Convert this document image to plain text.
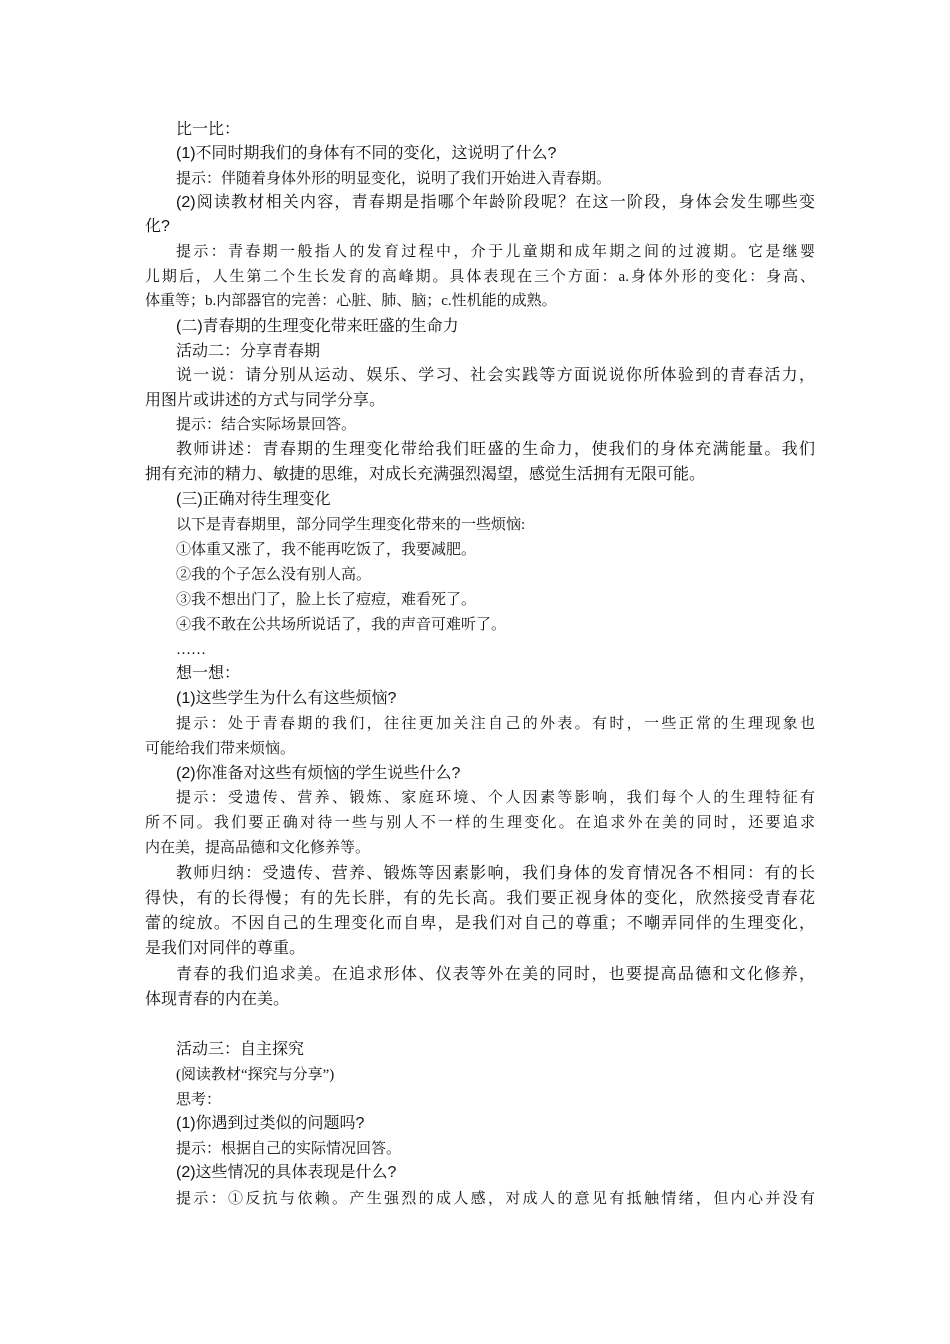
比一比：
(1)不同时期我们的身体有不同的变化，这说明了什么?
提示：伴随着身体外形的明显变化，说明了我们开始进入青春期。
(2)阅读教材相关内容，青春期是指哪个年龄阶段呢？在这一阶段，身体会发生哪些变
化?
提示：青春期一般指人的发育过程中，介于儿童期和成年期之间的过渡期。它是继婴
儿期后，人生第二个生长发育的高峰期。具体表现在三个方面：a.身体外形的变化：身高、
体重等；b.内部器官的完善：心脏、肺、脑；c.性机能的成熟。
(二)青春期的生理变化带来旺盛的生命力
活动二：分享青春期
说一说：请分别从运动、娱乐、学习、社会实践等方面说说你所体验到的青春活力，
用图片或讲述的方式与同学分享。
提示：结合实际场景回答。
教师讲述：青春期的生理变化带给我们旺盛的生命力，使我们的身体充满能量。我们
拥有充沛的精力、敏捷的思维，对成长充满强烈渴望，感觉生活拥有无限可能。
(三)正确对待生理变化
以下是青春期里，部分同学生理变化带来的一些烦恼:
①体重又涨了，我不能再吃饭了，我要减肥。
②我的个子怎么没有别人高。
③我不想出门了，脸上长了痘痘，难看死了。
④我不敢在公共场所说话了，我的声音可难听了。
……
想一想：
(1)这些学生为什么有这些烦恼?
提示：处于青春期的我们，往往更加关注自己的外表。有时，一些正常的生理现象也
可能给我们带来烦恼。
(2)你准备对这些有烦恼的学生说些什么?
提示：受遗传、营养、锻炼、家庭环境、个人因素等影响，我们每个人的生理特征有
所不同。我们要正确对待一些与别人不一样的生理变化。在追求外在美的同时，还要追求
内在美，提高品德和文化修养等。
教师归纳：受遗传、营养、锻炼等因素影响，我们身体的发育情况各不相同：有的长
得快，有的长得慢；有的先长胖，有的先长高。我们要正视身体的变化，欣然接受青春花
蕾的绽放。不因自己的生理变化而自卑，是我们对自己的尊重；不嘲弄同伴的生理变化，
是我们对同伴的尊重。
青春的我们追求美。在追求形体、仪表等外在美的同时，也要提高品德和文化修养，
体现青春的内在美。
活动三：自主探究
(阅读教材“探究与分享”)
思考：
(1)你遇到过类似的问题吗?
提示：根据自己的实际情况回答。
(2)这些情况的具体表现是什么?
提示：①反抗与依赖。产生强烈的成人感，对成人的意见有抵触情绪，但内心并没有
